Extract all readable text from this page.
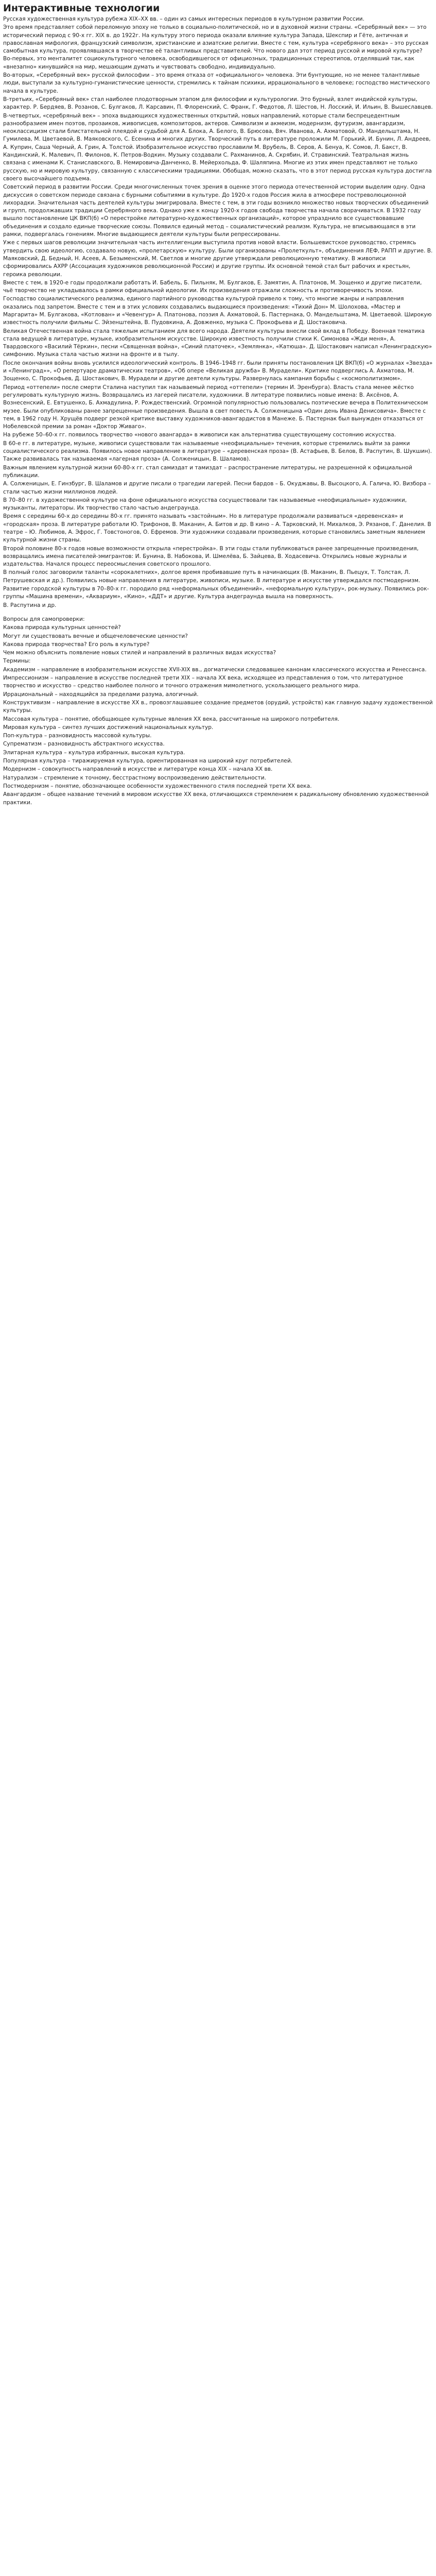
Интерактивные технологии

Русская художественная культура рубежа XIX–XX вв. – один из самых интересных периодов в культурном развитии России.

Это время представляет собой переломную эпоху не только в социально-политической, но и в духовной жизни страны. «Серебряный век» — это исторический период с 90-х гг. XIX в. до 1922г. На культуру этого периода оказали влияние культура Запада, Шекспир и Гёте, античная и православная мифология, французский символизм, христианские и азиатские религии. Вместе с тем, культура «серебряного века» – это русская самобытная культура, проявлявшаяся в творчестве её талантливых представителей. Что нового дал этот период русской и мировой культуре? Во-первых, это менталитет социокультурного человека, освободившегося от официозных, традиционных стереотипов, отделявший так, как «внезапно» кинувшийся на мир, мешающим думать и чувствовать свободно, индивидуально.

Во-вторых, «Серебряный век» русской философии – это время отказа от «официального» человека. Эти бунтующие, но не менее талантливые люди, выступали за культурно-гуманистические ценности, стремились к тайнам психики, иррационального в человеке; господство мистического начала в культуре.

В-третьих, «Серебряный век» стал наиболее плодотворным этапом для философии и культурологии. Это бурный, взлет индийской культуры, характер. Р. Бердяев, В. Розанов, С. Булгаков, Л. Карсавин, П. Флоренский, С. Франк, Г. Федотов, Л. Шестов, Н. Лосский, И. Ильин, В. Вышеславцев.

В-четвертых, «серебряный век» – эпоха выдающихся художественных открытий, новых направлений, которые стали беспрецедентным разнообразием имен поэтов, прозаиков, живописцев, композиторов, актеров. Символизм и акмеизм, модернизм, футуризм, авангардизм, неоклассицизм стали блистательной плеядой и судьбой для А. Блока, А. Белого, В. Брюсова, Вяч. Иванова, А. Ахматовой, О. Мандельштама, Н. Гумилева, М. Цветаевой, В. Маяковского, С. Есенина и многих других. Творческий путь в литературе проложили М. Горький, И. Бунин, Л. Андреев, А. Куприн, Саша Черный, А. Грин, А. Толстой. Изобразительное искусство прославили М. Врубель, В. Серов, А. Бенуа, К. Сомов, Л. Бакст, В. Кандинский, К. Малевич, П. Филонов, К. Петров-Водкин. Музыку создавали С. Рахманинов, А. Скрябин, И. Стравинский. Театральная жизнь связана с именами К. Станиславского, В. Немировича-Данченко, В. Мейерхольда, Ф. Шаляпина. Многие из этих имен представляют не только русскую, но и мировую культуру, связанную с классическими традициями. Обобщая, можно сказать, что в этот период русская культура достигла своего высочайшего подъема.

Советский период в развитии России. Среди многочисленных точек зрения в оценке этого периода отечественной истории выделим одну. Одна дискуссия о советском периоде связана с бурными событиями в культуре. До 1920-х годов Россия жила в атмосфере постреволюционной лихорадки. Значительная часть деятелей культуры эмигрировала. Вместе с тем, в эти годы возникло множество новых творческих объединений и групп, продолжавших традиции Серебряного века. Однако уже к концу 1920-х годов свобода творчества начала сворачиваться. В 1932 году вышло постановление ЦК ВКП(б) «О перестройке литературно-художественных организаций», которое упразднило все существовавшие объединения и создало единые творческие союзы. Появился единый метод – социалистический реализм. Культура, не вписывающаяся в эти рамки, подвергалась гонениям. Многие выдающиеся деятели культуры были репрессированы.

Уже с первых шагов революции значительная часть интеллигенции выступила против новой власти. Большевистское руководство, стремясь утвердить свою идеологию, создавало новую, «пролетарскую» культуру. Были организованы «Пролеткульт», объединения ЛЕФ, РАПП и другие. В. Маяковский, Д. Бедный, Н. Асеев, А. Безыменский, М. Светлов и многие другие утверждали революционную тематику. В живописи сформировались АХРР (Ассоциация художников революционной России) и другие группы. Их основной темой стал быт рабочих и крестьян, героика революции.

Вместе с тем, в 1920-е годы продолжали работать И. Бабель, Б. Пильняк, М. Булгаков, Е. Замятин, А. Платонов, М. Зощенко и другие писатели, чьё творчество не укладывалось в рамки официальной идеологии. Их произведения отражали сложность и противоречивость эпохи.

Господство социалистического реализма, единого партийного руководства культурой привело к тому, что многие жанры и направления оказались под запретом. Вместе с тем и в этих условиях создавались выдающиеся произведения: «Тихий Дон» М. Шолохова, «Мастер и Маргарита» М. Булгакова, «Котлован» и «Чевенгур» А. Платонова, поэзия А. Ахматовой, Б. Пастернака, О. Мандельштама, М. Цветаевой. Широкую известность получили фильмы С. Эйзенштейна, В. Пудовкина, А. Довженко, музыка С. Прокофьева и Д. Шостаковича.

Великая Отечественная война стала тяжелым испытанием для всего народа. Деятели культуры внесли свой вклад в Победу. Военная тематика стала ведущей в литературе, музыке, изобразительном искусстве. Широкую известность получили стихи К. Симонова «Жди меня», А. Твардовского «Василий Тёркин», песни «Священная война», «Синий платочек», «Землянка», «Катюша». Д. Шостакович написал «Ленинградскую» симфонию. Музыка стала частью жизни на фронте и в тылу.

После окончания войны вновь усилился идеологический контроль. В 1946–1948 гг. были приняты постановления ЦК ВКП(б) «О журналах «Звезда» и «Ленинград»», «О репертуаре драматических театров», «Об опере «Великая дружба» В. Мурадели». Критике подверглись А. Ахматова, М. Зощенко, С. Прокофьев, Д. Шостакович, В. Мурадели и другие деятели культуры. Развернулась кампания борьбы с «космополитизмом».

Период «оттепели» после смерти Сталина наступил так называемый период «оттепели» (термин И. Эренбурга). Власть стала менее жёстко регулировать культурную жизнь. Возвращались из лагерей писатели, художники. В литературе появились новые имена: В. Аксёнов, А. Вознесенский, Е. Евтушенко, Б. Ахмадулина, Р. Рождественский. Огромной популярностью пользовались поэтические вечера в Политехническом музее. Были опубликованы ранее запрещенные произведения. Вышла в свет повесть А. Солженицына «Один день Ивана Денисовича». Вместе с тем, в 1962 году Н. Хрущёв подверг резкой критике выставку художников-авангардистов в Манеже. Б. Пастернак был вынужден отказаться от Нобелевской премии за роман «Доктор Живаго».

На рубеже 50–60-х гг. появилось творчество «нового авангарда» в живописи как альтернатива существующему состоянию искусства.

В 60-е гг. в литературе, музыке, живописи существовали так называемые «неофициальные» течения, которые стремились выйти за рамки социалистического реализма. Появилось новое направление в литературе – «деревенская проза» (В. Астафьев, В. Белов, В. Распутин, В. Шукшин). Также развивалась так называемая «лагерная проза» (А. Солженицын, В. Шаламов).

Важным явлением культурной жизни 60-80-х гг. стал самиздат и тамиздат – распространение литературы, не разрешенной к официальной публикации.

А. Солженицын, Е. Гинзбург, В. Шаламов и другие писали о трагедии лагерей. Песни бардов – Б. Окуджавы, В. Высоцкого, А. Галича, Ю. Визбора – стали частью жизни миллионов людей.

В 70–80 гг. в художественной культуре на фоне официального искусства сосуществовали так называемые «неофициальные» художники, музыканты, литераторы. Их творчество стало частью андеграунда.

Время с середины 60-х до середины 80-х гг. принято называть «застойным». Но в литературе продолжали развиваться «деревенская» и «городская» проза. В литературе работали Ю. Трифонов, В. Маканин, А. Битов и др. В кино – А. Тарковский, Н. Михалков, Э. Рязанов, Г. Данелия. В театре – Ю. Любимов, А. Эфрос, Г. Товстоногов, О. Ефремов. Эти художники создавали произведения, которые становились заметным явлением культурной жизни страны.

Второй половине 80-х годов новые возможности открыла «перестройка». В эти годы стали публиковаться ранее запрещенные произведения, возвращались имена писателей-эмигрантов: И. Бунина, В. Набокова, И. Шмелёва, Б. Зайцева, В. Ходасевича. Открылись новые журналы и издательства. Начался процесс переосмысления советского прошлого.

В полный голос заговорили таланты «сорокалетних», долгое время пробивавшие путь в начинающих (В. Маканин, В. Пьецух, Т. Толстая, Л. Петрушевская и др.). Появились новые направления в литературе, живописи, музыке. В литературе и искусстве утверждался постмодернизм.

Развитие городской культуры в 70–80-х гг. породило ряд «неформальных объединений», «неформальную культуру», рок-музыку. Появились рок-группы «Машина времени», «Аквариум», «Кино», «ДДТ» и другие. Культура андеграунда вышла на поверхность.

В. Распутина и др.

Вопросы для самопроверки:

Какова природа культурных ценностей?

Могут ли существовать вечные и общечеловеческие ценности?

Какова природа творчества? Его роль в культуре?

Чем можно объяснить появление новых стилей и направлений в различных видах искусства?

Термины:

Академизм – направление в изобразительном искусстве XVII-XIX вв., догматически следовавшее канонам классического искусства и Ренессанса.

Импрессионизм – направление в искусстве последней трети XIX – начала XX века, исходящее из представления о том, что литературное творчество и искусство – средство наиболее полного и точного отражения мимолетного, ускользающего реального мира.

Иррациональный – находящийся за пределами разума, алогичный.

Конструктивизм – направление в искусстве XX в., провозглашавшее создание предметов (орудий, устройств) как главную задачу художественной культуры.

Массовая культура – понятие, обобщающее культурные явления XX века, рассчитанные на широкого потребителя.

Мировая культура – синтез лучших достижений национальных культур.

Поп-культура – разновидность массовой культуры.

Супрематизм – разновидность абстрактного искусства.

Элитарная культура – культура избранных, высокая культура.

Популярная культура – тиражируемая культура, ориентированная на широкий круг потребителей.

Модернизм – совокупность направлений в искусстве и литературе конца XIX – начала XX вв.

Натурализм – стремление к точному, бесстрастному воспроизведению действительности.

Постмодернизм – понятие, обозначающее особенности художественного стиля последней трети XX века.

Авангардизм – общее название течений в мировом искусстве XX века, отличающихся стремлением к радикальному обновлению художественной практики.
